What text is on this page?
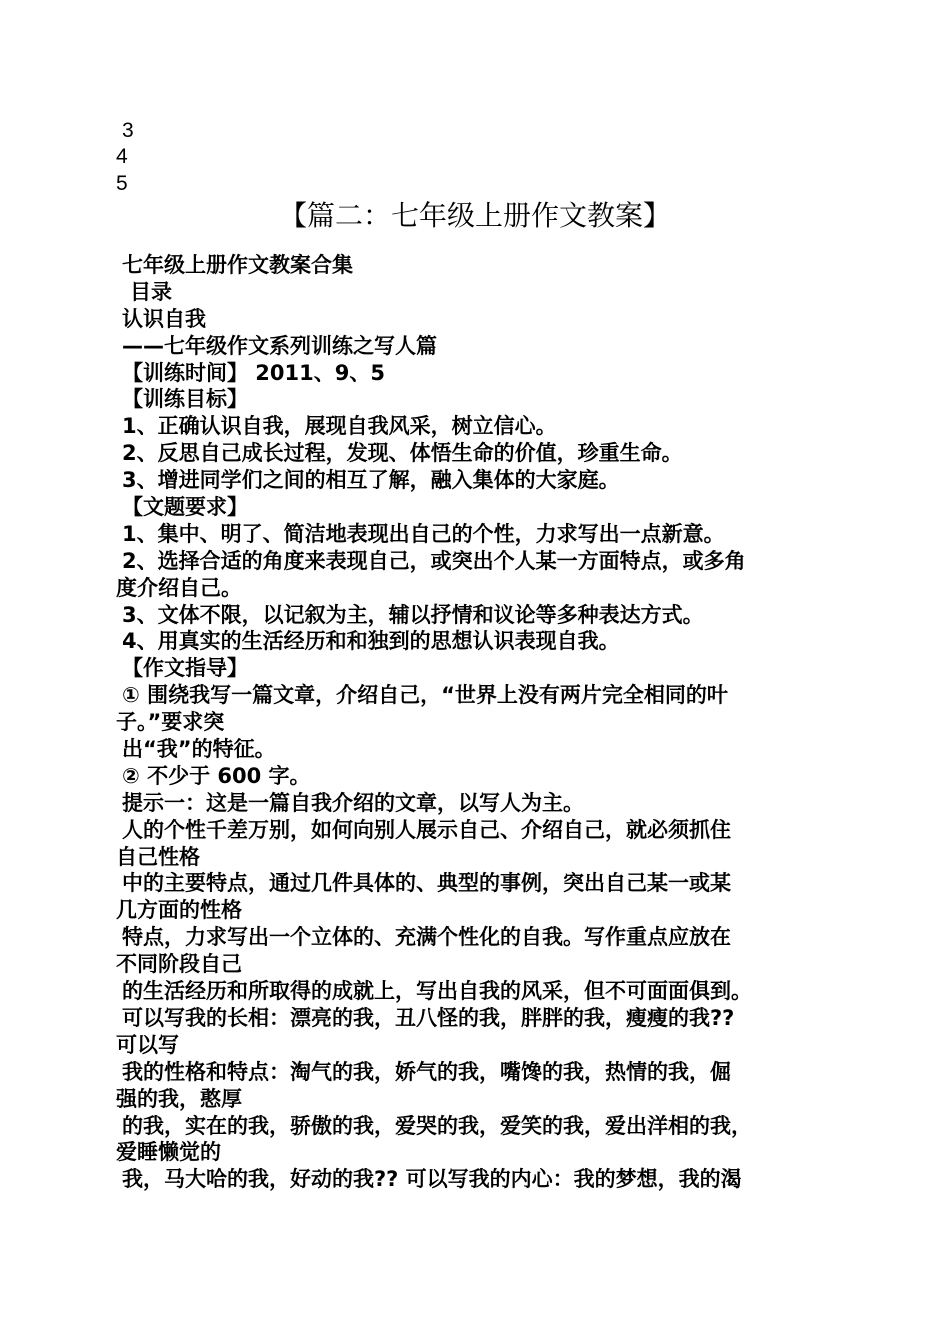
3
4
5
【篇二：七年级上册作文教案】
七年级上册作文教案合集
目录
认识自我
——七年级作文系列训练之写人篇
【训练时间】 2011、9、5
【训练目标】
1、正确认识自我，展现自我风采，树立信心。
2、反思自己成长过程，发现、体悟生命的价值，珍重生命。
3、增进同学们之间的相互了解，融入集体的大家庭。
【文题要求】
1、集中、明了、简洁地表现出自己的个性，力求写出一点新意。
2、选择合适的角度来表现自己，或突出个人某一方面特点，或多角
度介绍自己。
3、文体不限，以记叙为主，辅以抒情和议论等多种表达方式。
4、用真实的生活经历和和独到的思想认识表现自我。
【作文指导】
① 围绕我写一篇文章，介绍自己，“世界上没有两片完全相同的叶
子。”要求突
出“我”的特征。
② 不少于 600 字。
提示一：这是一篇自我介绍的文章，以写人为主。
人的个性千差万别，如何向别人展示自己、介绍自己，就必须抓住
自己性格
中的主要特点，通过几件具体的、典型的事例，突出自己某一或某
几方面的性格
特点，力求写出一个立体的、充满个性化的自我。写作重点应放在
不同阶段自己
的生活经历和所取得的成就上，写出自我的风采，但不可面面俱到。
可以写我的长相：漂亮的我，丑八怪的我，胖胖的我，瘦瘦的我??
可以写
我的性格和特点：淘气的我，娇气的我，嘴馋的我，热情的我，倔
强的我，憨厚
的我，实在的我，骄傲的我，爱哭的我，爱笑的我，爱出洋相的我，
爱睡懒觉的
我，马大哈的我，好动的我?? 可以写我的内心：我的梦想，我的渴
